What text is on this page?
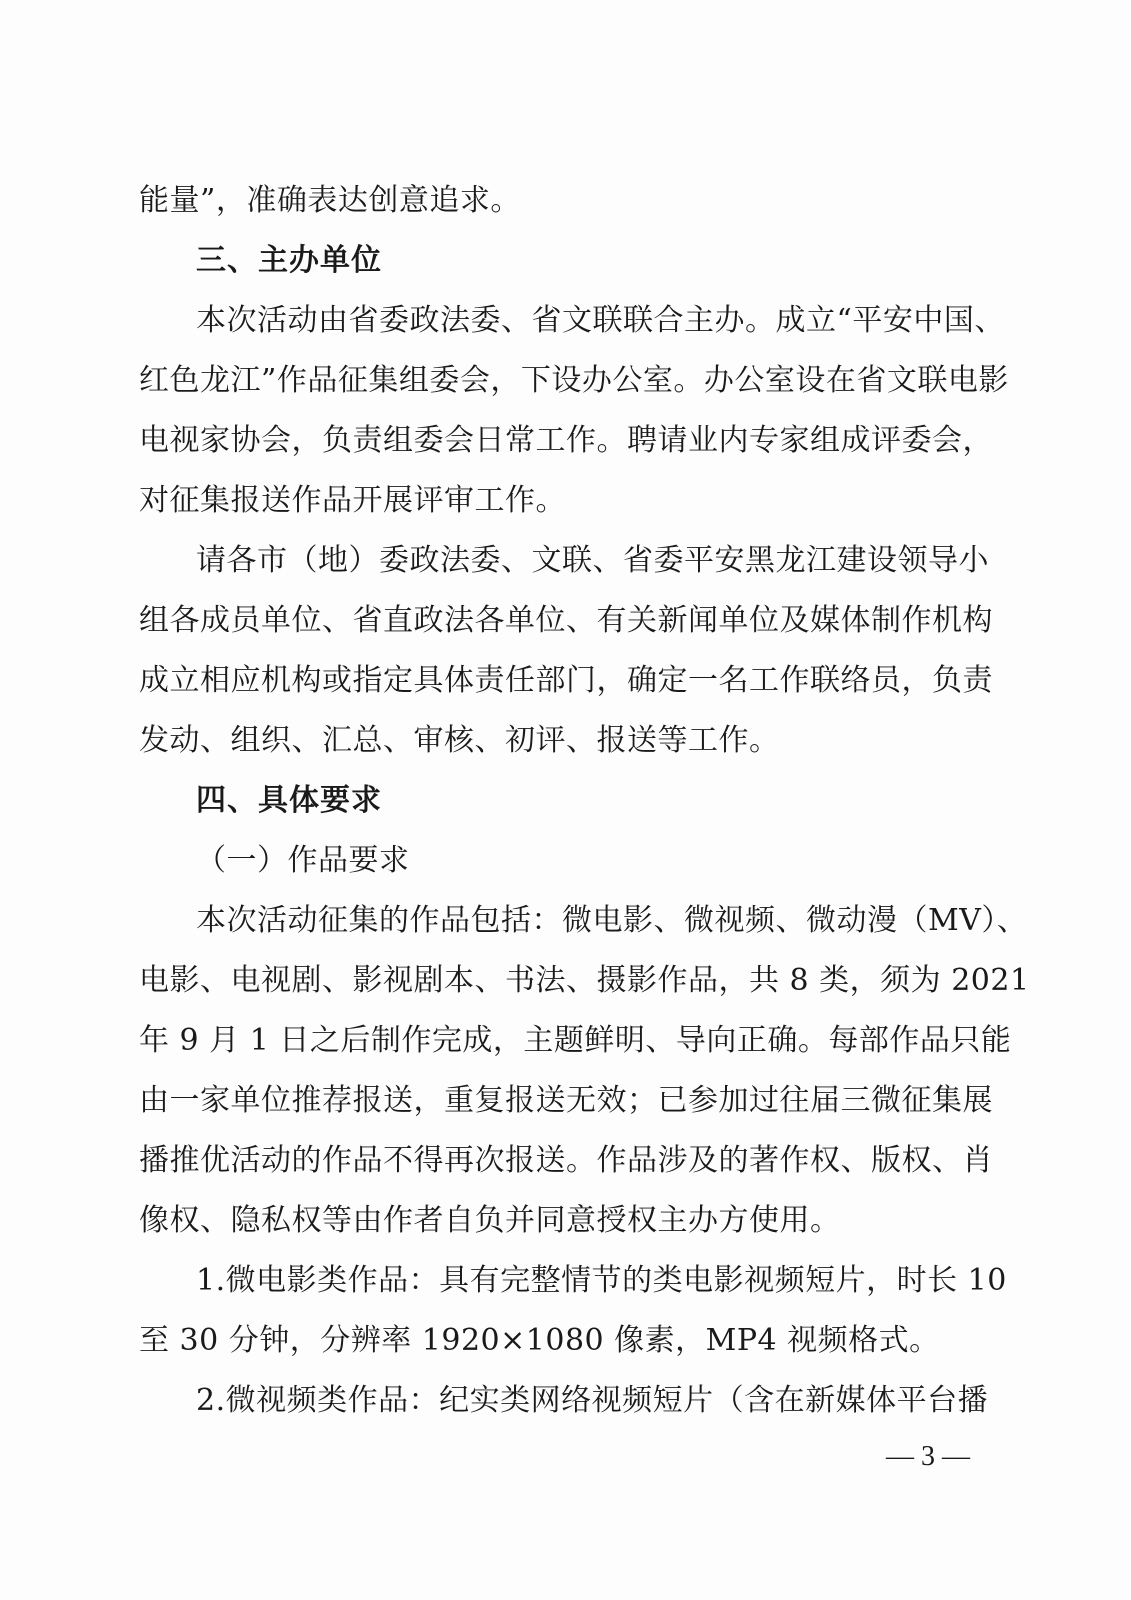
能量”，准确表达创意追求。
三、主办单位
本次活动由省委政法委、省文联联合主办。成立“平安中国、
红色龙江”作品征集组委会，下设办公室。办公室设在省文联电影
电视家协会，负责组委会日常工作。聘请业内专家组成评委会，
对征集报送作品开展评审工作。
请各市（地）委政法委、文联、省委平安黑龙江建设领导小
组各成员单位、省直政法各单位、有关新闻单位及媒体制作机构
成立相应机构或指定具体责任部门，确定一名工作联络员，负责
发动、组织、汇总、审核、初评、报送等工作。
四、具体要求
（一）作品要求
本次活动征集的作品包括：微电影、微视频、微动漫（MV）、
电影、电视剧、影视剧本、书法、摄影作品，共 8 类，须为 2021
年 9 月 1 日之后制作完成，主题鲜明、导向正确。每部作品只能
由一家单位推荐报送，重复报送无效；已参加过往届三微征集展
播推优活动的作品不得再次报送。作品涉及的著作权、版权、肖
像权、隐私权等由作者自负并同意授权主办方使用。
1.微电影类作品：具有完整情节的类电影视频短片，时长 10
至 30 分钟，分辨率 1920×1080 像素，MP4 视频格式。
2.微视频类作品：纪实类网络视频短片（含在新媒体平台播
— 3 —
